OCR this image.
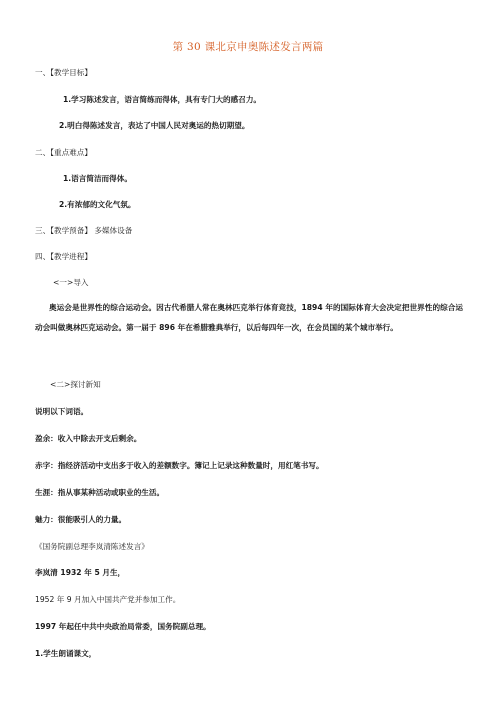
第 30 课北京申奥陈述发言两篇
一、【教学目标】
1.学习陈述发言，语言简练而得体，具有专门大的感召力。
2.明白得陈述发言，表达了中国人民对奥运的热切期望。
二、【重点难点】
1.语言简洁而得体。
2.有浓郁的文化气氛。
三、【教学预备】 多媒体设备
四、【教学进程】
<一>导入
奥运会是世界性的综合运动会。因古代希腊人常在奥林匹克举行体育竞技，1894 年的国际体育大会决定把世界性的综合运动会叫做奥林匹克运动会。第一届于 896 年在希腊雅典举行，以后每四年一次，在会员国的某个城市举行。
<二>探讨新知
说明以下词语。
盈余：收入中除去开支后剩余。
赤字：指经济活动中支出多于收入的差额数字。簿记上记录这种数量时，用红笔书写。
生涯：指从事某种活动或职业的生活。
魅力：很能吸引人的力量。
《国务院副总理李岚清陈述发言》
李岚清 1932 年 5 月生，
1952 年 9 月加入中国共产党并参加工作。
1997 年起任中共中央政治局常委，国务院副总理。
1.学生朗诵课文，
